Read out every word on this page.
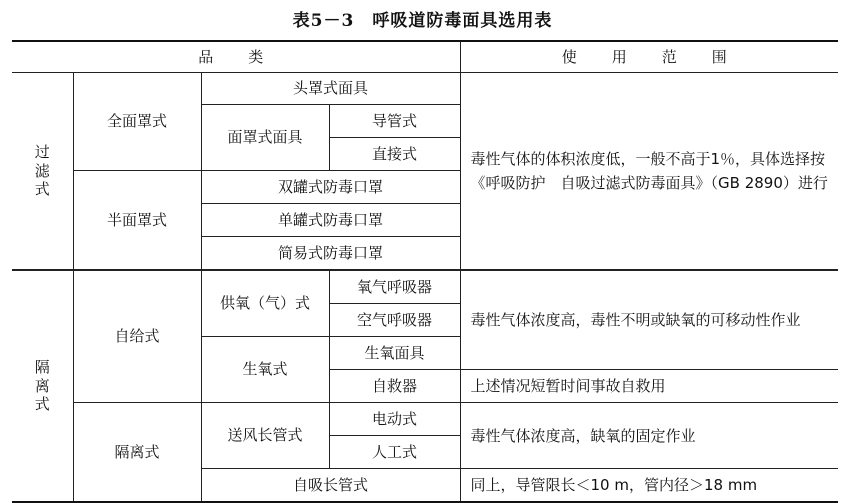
表5－3　呼吸道防毒面具选用表
品　类				使　用　范　围
过
滤
式	全面罩式	头罩式面具		毒性气体的体积浓度低，一般不高于1％，具体选择按《呼吸防护　自吸过滤式防毒面具》（GB 2890）进行
		面罩式面具	导管式	
			直接式	
	半面罩式	双罐式防毒口罩		
		单罐式防毒口罩		
		简易式防毒口罩		
隔
离
式	自给式	供氧（气）式	氧气呼吸器	毒性气体浓度高，毒性不明或缺氧的可移动性作业
			空气呼吸器	
		生氧式	生氧面具	
			自救器	上述情况短暂时间事故自救用
	隔离式	送风长管式	电动式	毒性气体浓度高，缺氧的固定作业
			人工式	
		自吸长管式		同上，导管限长＜10 m，管内径＞18 mm
